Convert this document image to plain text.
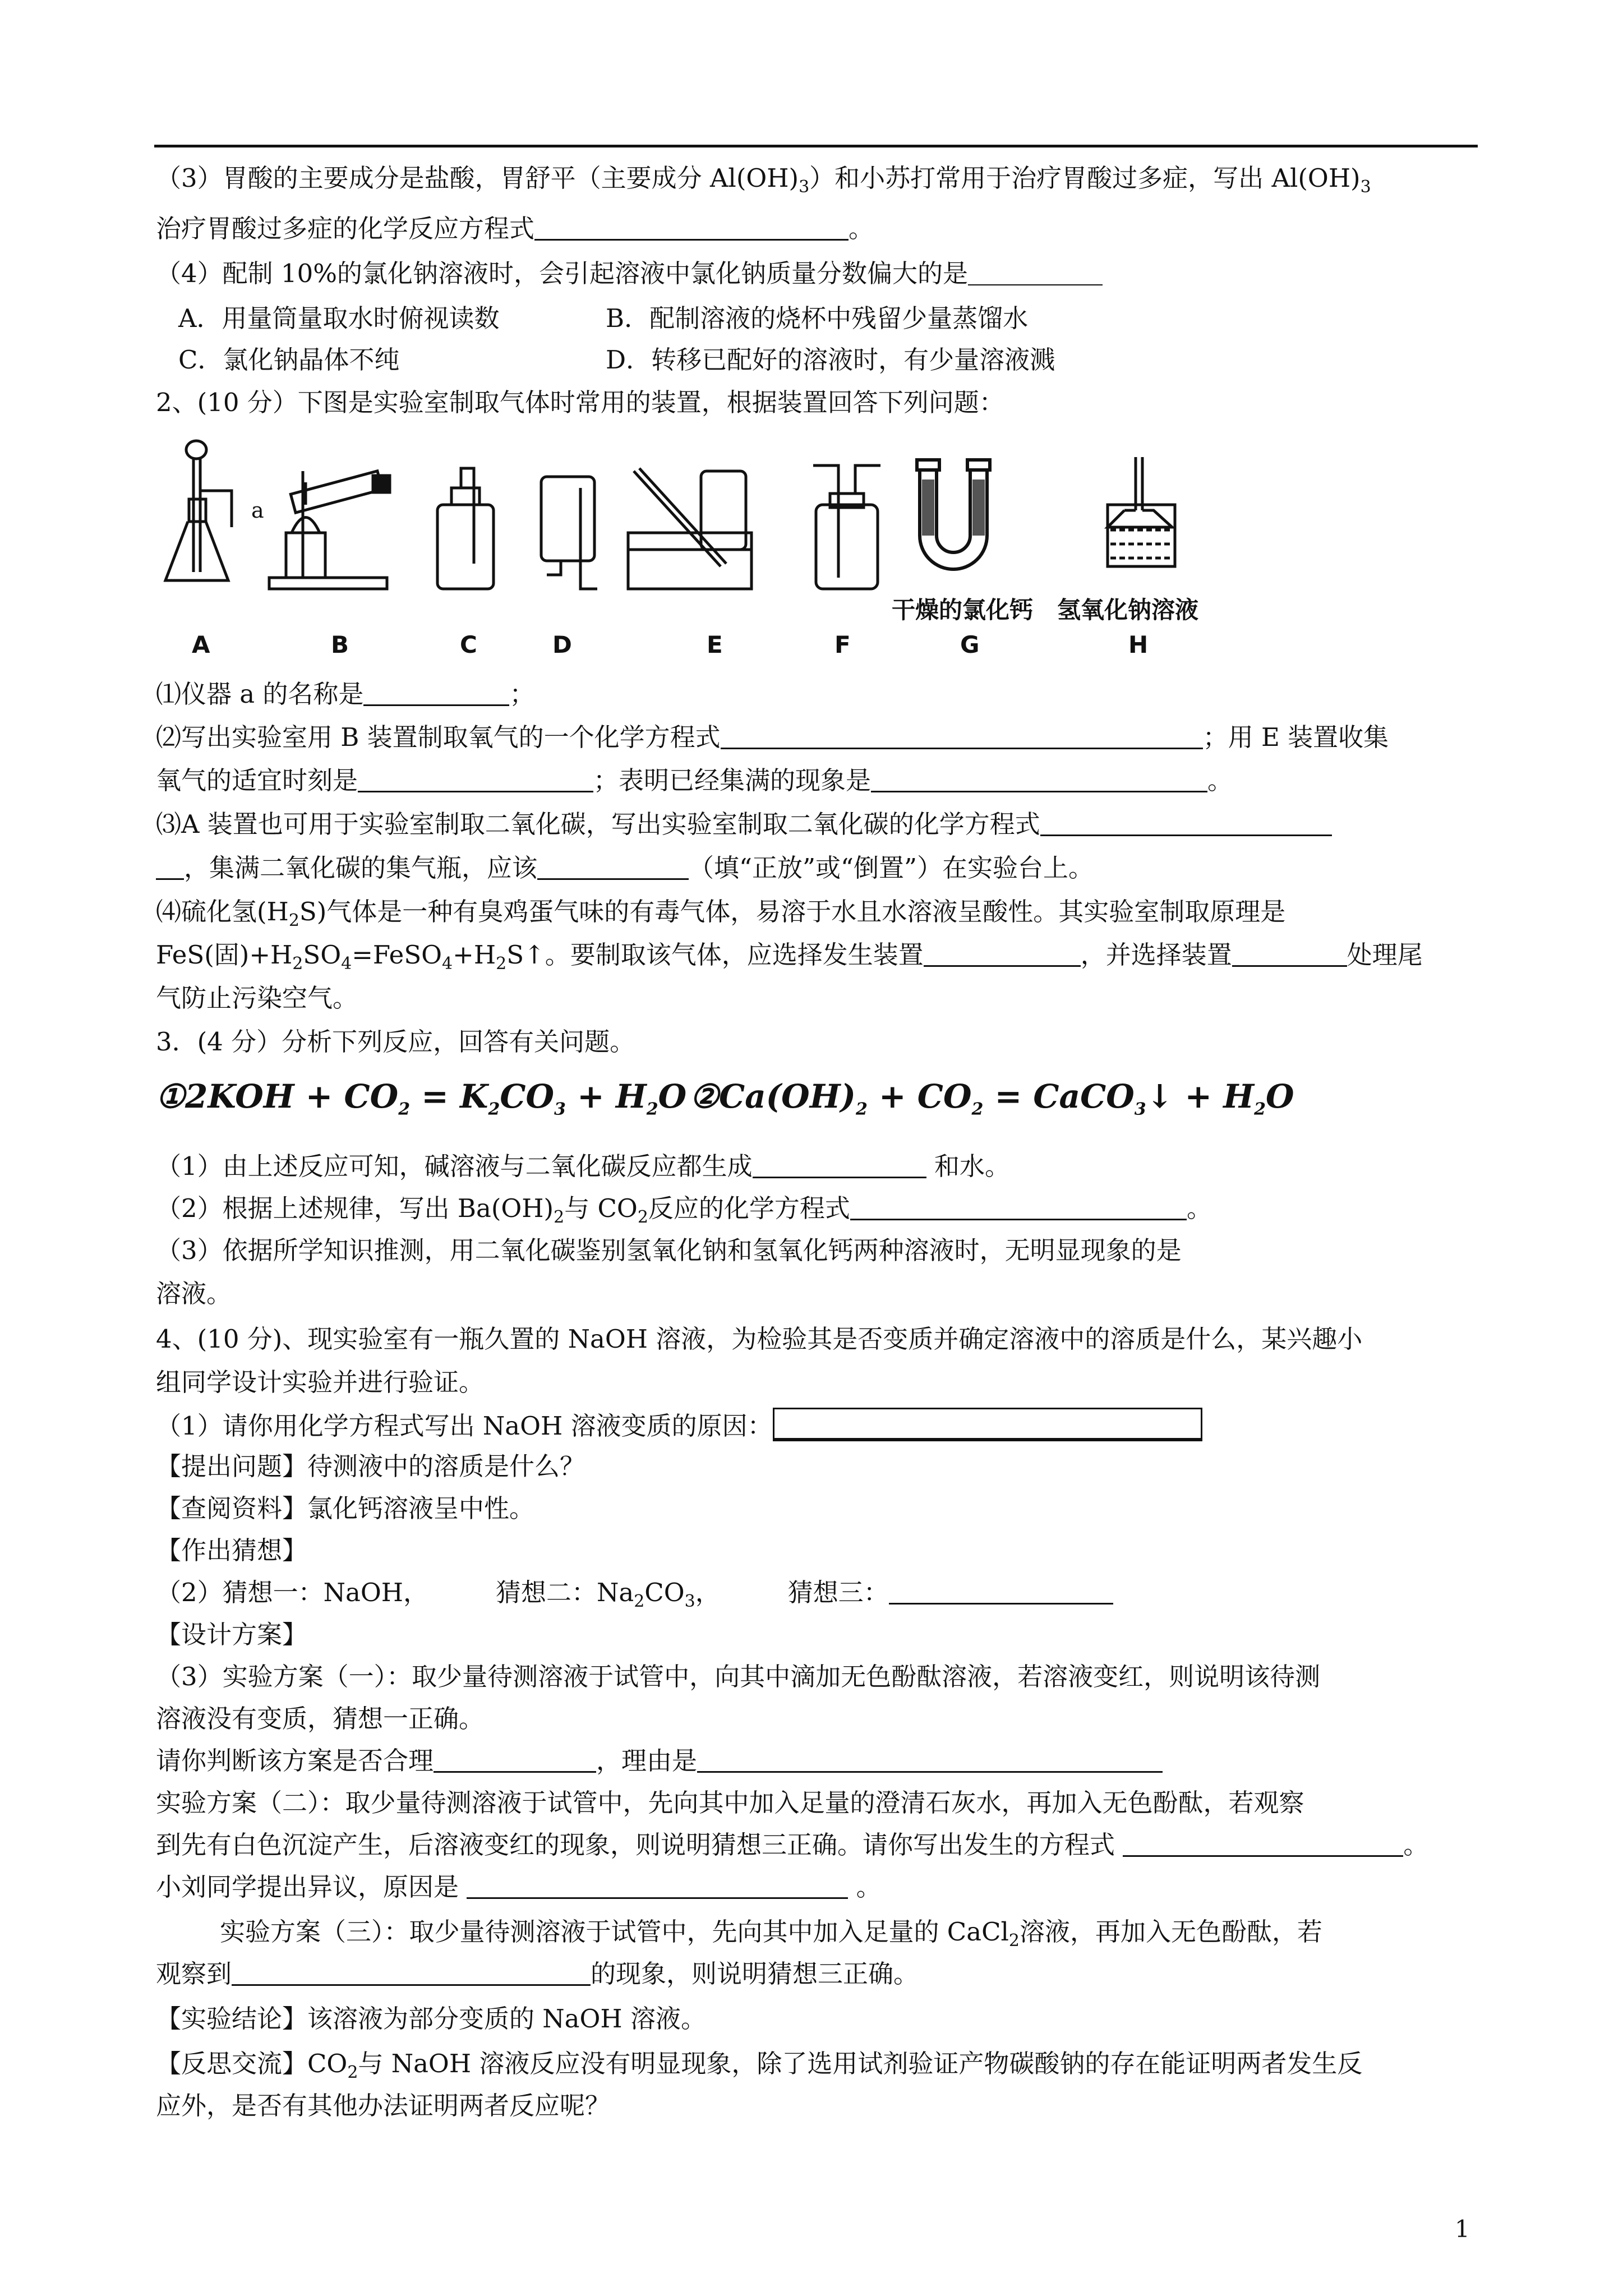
（3）胃酸的主要成分是盐酸，胃舒平（主要成分 $Al(OH)_3$）和小苏打常用于治疗胃酸过多症，写出 $Al(OH)_3$
治疗胃酸过多症的化学反应方程式	。
（4）配制 10%的氯化钠溶液时，会引起溶液中氯化钠质量分数偏大的是
A．用量筒量取水时俯视读数	B．配制溶液的烧杯中残留少量蒸馏水
C．氯化钠晶体不纯	D．转移已配好的溶液时，有少量溶液溅
2、(10 分）下图是实验室制取气体时常用的装置，根据装置回答下列问题：
a
干燥的氯化钙 氢氧化钠溶液
A	B	C	D	E	F	G	H
⑴仪器 a 的名称是	；
⑵写出实验室用 B 装置制取氧气的一个化学方程式	；用 E 装置收集
氧气的适宜时刻是	；表明已经集满的现象是	。
⑶A 装置也可用于实验室制取二氧化碳，写出实验室制取二氧化碳的化学方程式
，集满二氧化碳的集气瓶，应该	（填“正放”或“倒置”）在实验台上。
⑷硫化氢$(H_2S)$气体是一种有臭鸡蛋气味的有毒气体，易溶于水且水溶液呈酸性。其实验室制取原理是
FeS(固)$+H_2SO_4=FeSO_4+H_2S↑$。要制取该气体，应选择发生装置	，并选择装置	处理尾
气防止污染空气。
3．(4 分）分析下列反应，回答有关问题。
①2KOH + $CO_2 = K_2CO_3 + H_2O$ $②Ca(OH)_2 + CO_2$ = CaCO$_3$↓ + $H_2O$
（1）由上述反应可知，碱溶液与二氧化碳反应都生成	和水。
（2）根据上述规律，写出 $Ba(OH)_2$与 $CO_2$反应的化学方程式	。
（3）依据所学知识推测，用二氧化碳鉴别氢氧化钠和氢氧化钙两种溶液时，无明显现象的是
溶液。
4、(10 分)、现实验室有一瓶久置的 NaOH 溶液，为检验其是否变质并确定溶液中的溶质是什么，某兴趣小
组同学设计实验并进行验证。
（1）请你用化学方程式写出 NaOH 溶液变质的原因：
【提出问题】待测液中的溶质是什么？
【查阅资料】氯化钙溶液呈中性。
【作出猜想】
（2）猜想一：NaOH，	猜想二：$Na_2CO_3$，	猜想三：
【设计方案】
（3）实验方案（一）：取少量待测溶液于试管中，向其中滴加无色酚酞溶液，若溶液变红，则说明该待测
溶液没有变质，猜想一正确。
请你判断该方案是否合理	，理由是
实验方案（二）：取少量待测溶液于试管中，先向其中加入足量的澄清石灰水，再加入无色酚酞，若观察
到先有白色沉淀产生，后溶液变红的现象，则说明猜想三正确。请你写出发生的方程式	。
小刘同学提出异议，原因是	。
实验方案（三）：取少量待测溶液于试管中，先向其中加入足量的 CaCl$_2$溶液，再加入无色酚酞，若
观察到	的现象，则说明猜想三正确。
【实验结论】该溶液为部分变质的 NaOH 溶液。
【反思交流】$CO_2$与 NaOH 溶液反应没有明显现象，除了选用试剂验证产物碳酸钠的存在能证明两者发生反
应外，是否有其他办法证明两者反应呢？
1
